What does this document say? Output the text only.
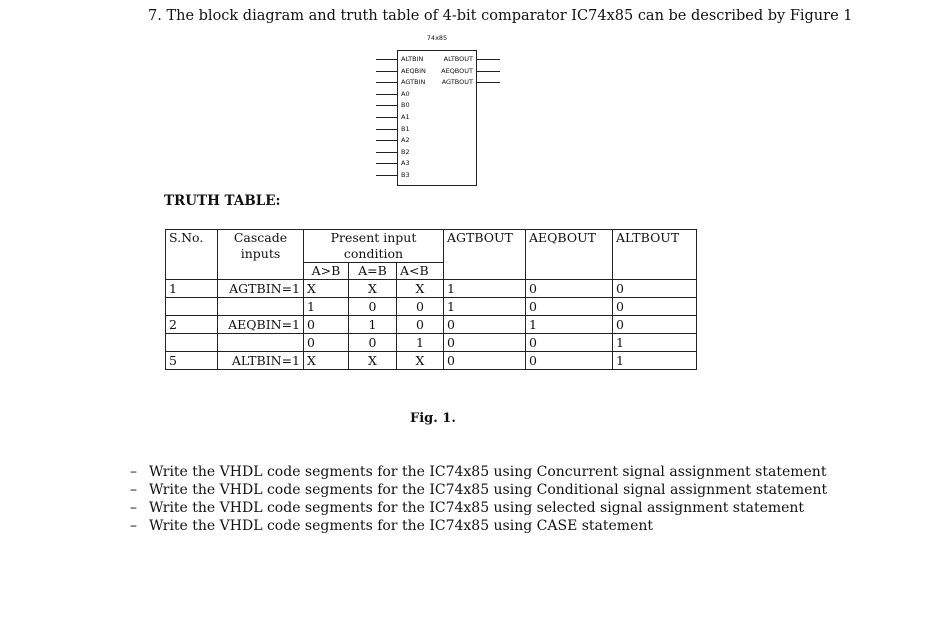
7. The block diagram and truth table of 4-bit comparator IC74x85 can be described by Figure 1
74x85
ALTBIN
AEQBIN
AGTBIN
A0
B0
A1
B1
A2
B2
A3
B3
ALTBOUT
AEQBOUT
AGTBOUT
TRUTH TABLE:
S.No.	Cascade inputs	Present input condition			AGTBOUT	AEQBOUT	ALTBOUT
		A>B	A=B	A<B			
1	AGTBIN=1	X	X	X	1	0	0
		1	0	0	1	0	0
2	AEQBIN=1	0	1	0	0	1	0
		0	0	1	0	0	1
5	ALTBIN=1	X	X	X	0	0	1
Fig. 1.
– Write the VHDL code segments for the IC74x85 using Concurrent signal assignment statement
– Write the VHDL code segments for the IC74x85 using Conditional signal assignment statement
– Write the VHDL code segments for the IC74x85 using selected signal assignment statement
– Write the VHDL code segments for the IC74x85 using CASE statement
